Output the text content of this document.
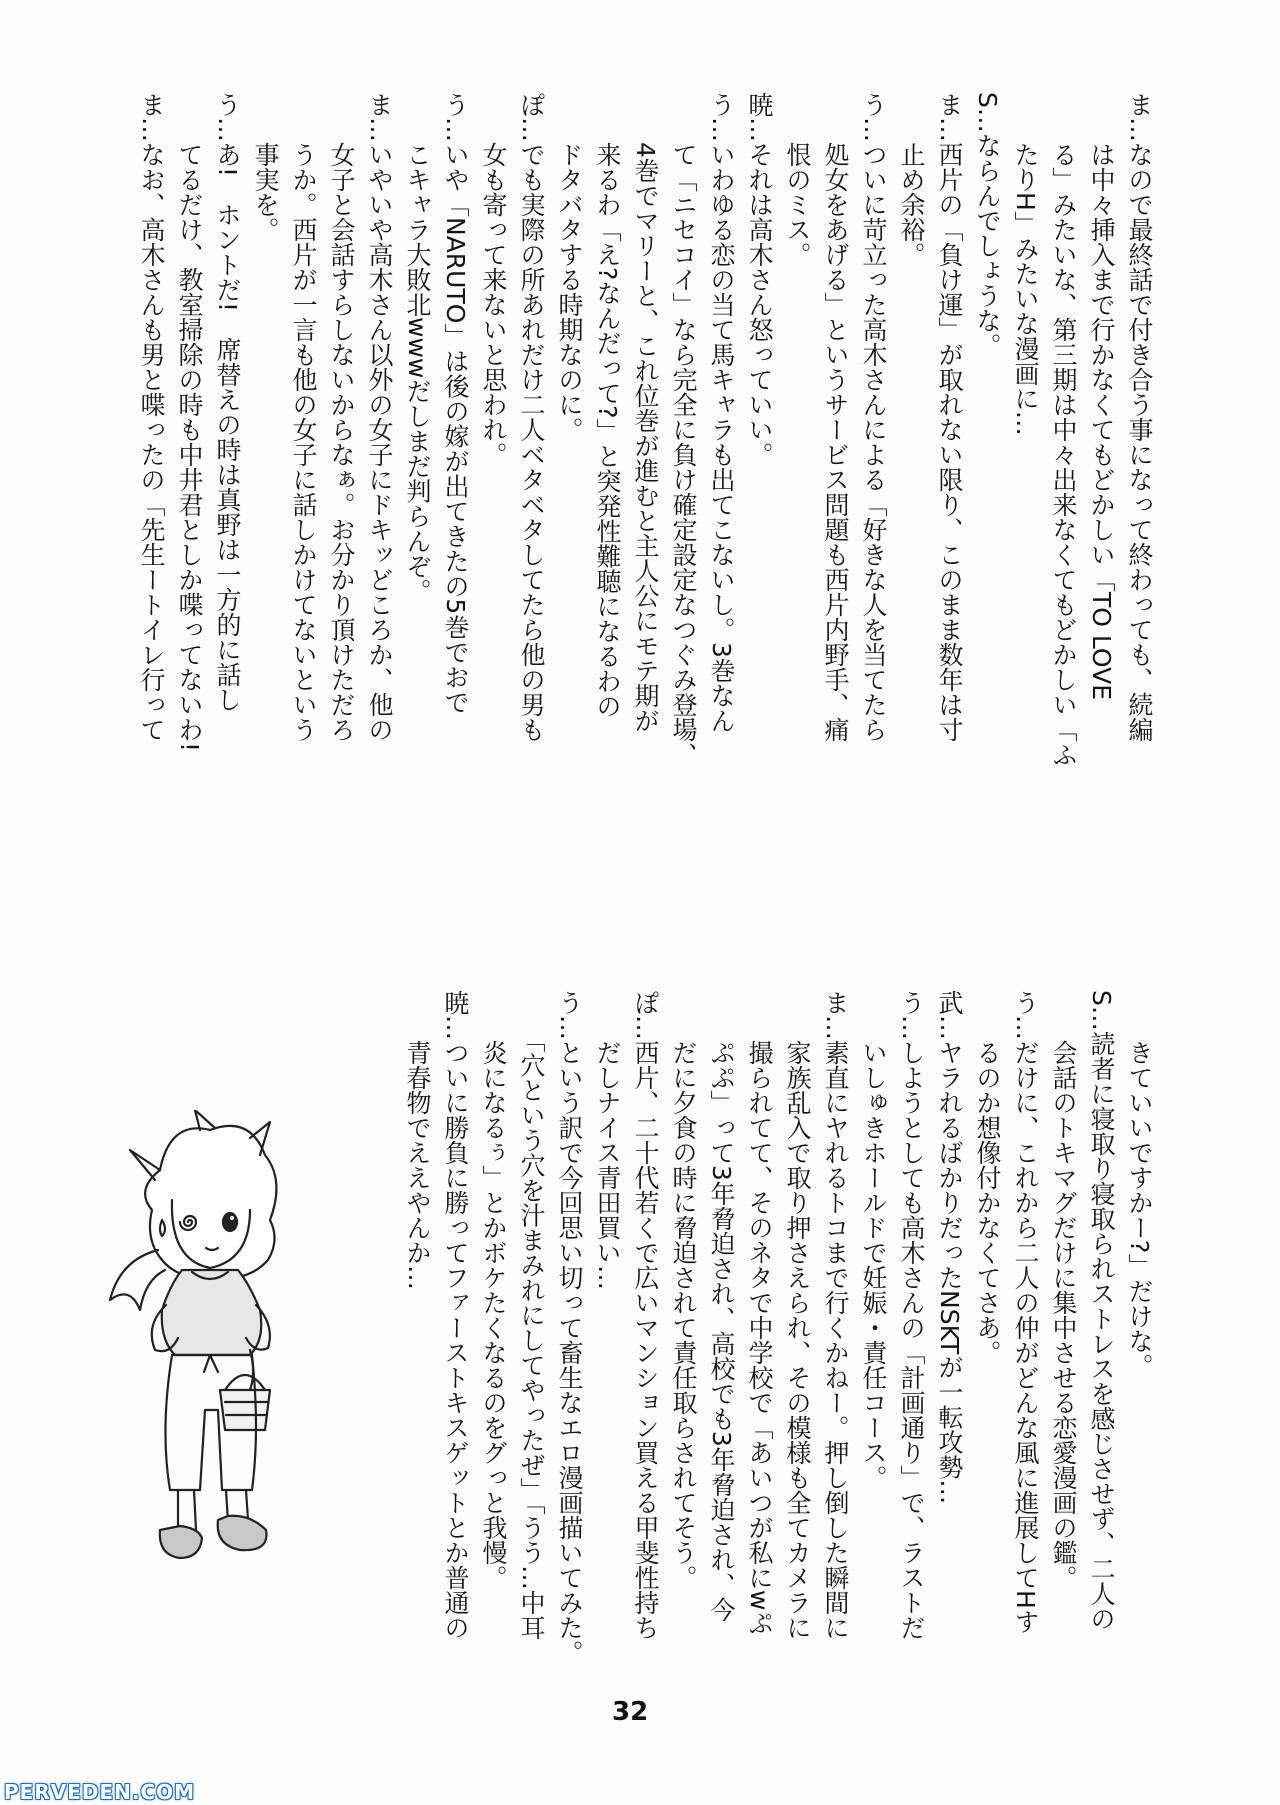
ま…なので最終話で付き合う事になって終わっても、続編
　　は中々挿入まで行かなくてもどかしい「TO LOVE
　　る」みたいな、第三期は中々出来なくてもどかしい「ふ
　　たりH」みたいな漫画に…
S…ならんでしょうな。
ま…西片の「負け運」が取れない限り、このまま数年は寸
　　止め余裕。
う…ついに苛立った高木さんによる「好きな人を当てたら
　　処女をあげる」というサービス問題も西片内野手、痛
　　恨のミス。
暁…それは高木さん怒っていい。
う…いわゆる恋の当て馬キャラも出てこないし。3巻なん
　　て「ニセコイ」なら完全に負け確定設定なつぐみ登場、
　　4巻でマリーと、これ位巻が進むと主人公にモテ期が
　　来るわ「え?なんだって?」と突発性難聴になるわの
　　ドタバタする時期なのに。
ぽ…でも実際の所あれだけ二人ベタベタしてたら他の男も
　　女も寄って来ないと思われ。
う…いや「NARUTO」は後の嫁が出てきたの5巻でおで
　　こキャラ大敗北wwwだしまだ判らんぞ。
ま…いやいや高木さん以外の女子にドキッどころか、他の
　　女子と会話すらしないからなぁ。お分かり頂けただろ
　　うか。西片が一言も他の女子に話しかけてないという
　　事実を。
う…あ!　ホントだ!　席替えの時は真野は一方的に話し
　　てるだけ、教室掃除の時も中井君としか喋ってないわ!
ま…なお、高木さんも男と喋ったの「先生ートイレ行って
　　きていいですかー?」だけな。
S…読者に寝取り寝取られストレスを感じさせず、二人の
　　会話のトキマグだけに集中させる恋愛漫画の鑑。
う…だけに、これから二人の仲がどんな風に進展してHす
　　るのか想像付かなくてさあ。
武…ヤラれるばかりだったNSKTが一転攻勢…
う…しようとしても高木さんの「計画通り」で、ラストだ
　　いしゅきホールドで妊娠・責任コース。
ま…素直にヤれるトコまで行くかねー。押し倒した瞬間に
　　家族乱入で取り押さえられ、その模様も全てカメラに
　　撮られてて、そのネタで中学校で「あいつが私にwぷ
　　ぷぷ」って3年脅迫され、高校でも3年脅迫され、今
　　だに夕食の時に脅迫されて責任取らされてそう。
ぽ…西片、二十代若くで広いマンション買える甲斐性持ち
　　だしナイス青田買い…
う…という訳で今回思い切って畜生なエロ漫画描いてみた。
　　「穴という穴を汁まみれにしてやったぜ」「うう…中耳
　　炎になるぅ」とかボケたくなるのをグっと我慢。
暁…ついに勝負に勝ってファーストキスゲットとか普通の
　　青春物でええやんか…
32
PERVEDEN.COM
